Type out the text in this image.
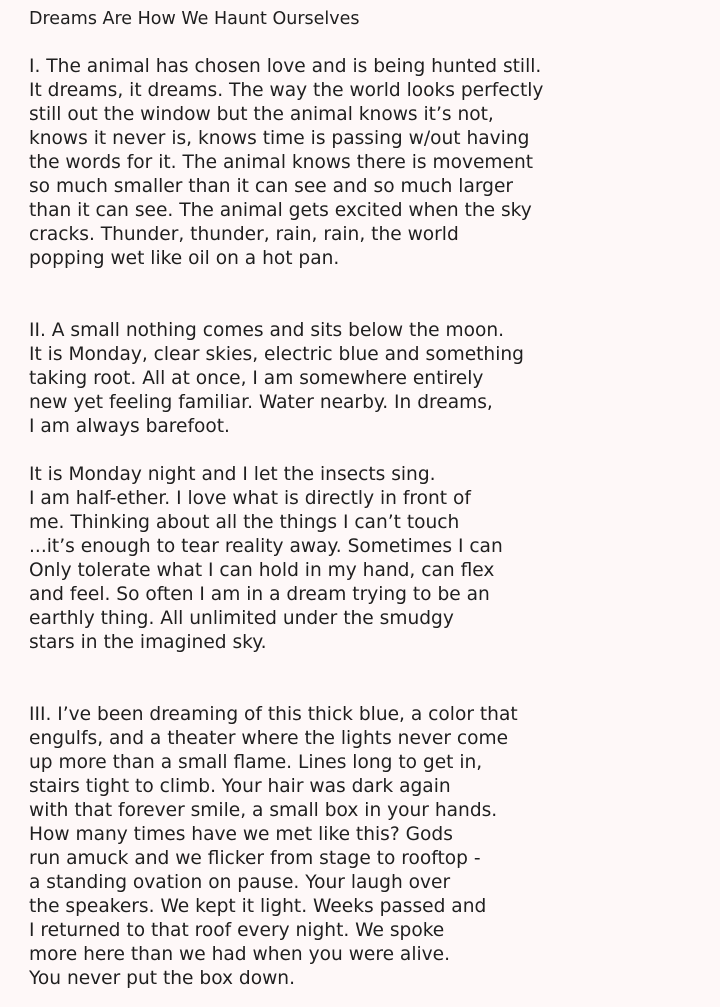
Dreams Are How We Haunt Ourselves

I. The animal has chosen love and is being hunted still.

It dreams, it dreams. The way the world looks perfectly

still out the window but the animal knows it’s not,

knows it never is, knows time is passing w/out having

the words for it. The animal knows there is movement

so much smaller than it can see and so much larger

than it can see. The animal gets excited when the sky

cracks. Thunder, thunder, rain, rain, the world

popping wet like oil on a hot pan.

II. A small nothing comes and sits below the moon.

It is Monday, clear skies, electric blue and something

taking root. All at once, I am somewhere entirely

new yet feeling familiar. Water nearby. In dreams,

I am always barefoot.

It is Monday night and I let the insects sing.

I am half-ether. I love what is directly in front of

me. Thinking about all the things I can’t touch

...it’s enough to tear reality away. Sometimes I can

Only tolerate what I can hold in my hand, can flex

and feel. So often I am in a dream trying to be an

earthly thing. All unlimited under the smudgy

stars in the imagined sky.

III. I’ve been dreaming of this thick blue, a color that

engulfs, and a theater where the lights never come

up more than a small flame. Lines long to get in,

stairs tight to climb. Your hair was dark again

with that forever smile, a small box in your hands.

How many times have we met like this? Gods

run amuck and we flicker from stage to rooftop -

a standing ovation on pause. Your laugh over

the speakers. We kept it light. Weeks passed and

I returned to that roof every night. We spoke

more here than we had when you were alive.

You never put the box down.
